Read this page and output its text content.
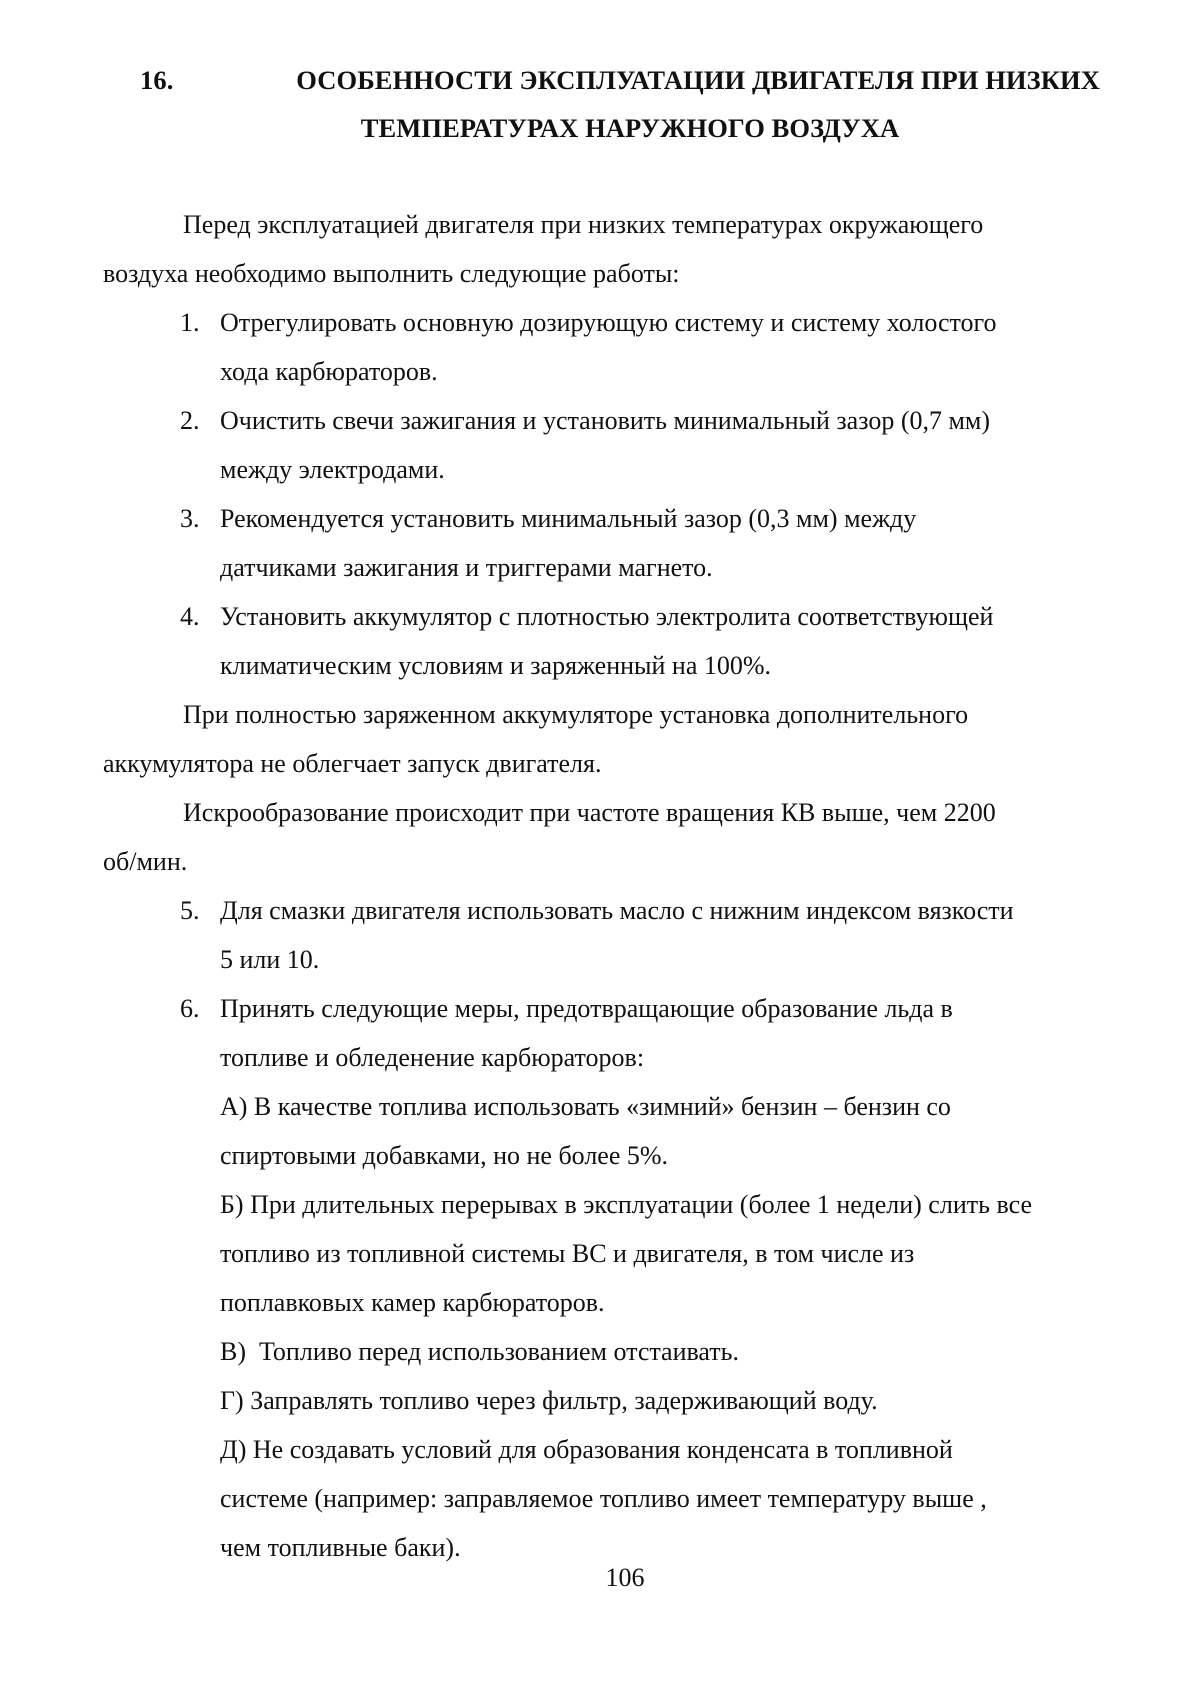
16.	ОСОБЕННОСТИ ЭКСПЛУАТАЦИИ ДВИГАТЕЛЯ ПРИ НИЗКИХ
ТЕМПЕРАТУРАХ НАРУЖНОГО ВОЗДУХА

Перед эксплуатацией двигателя при низких температурах окружающего
воздуха необходимо выполнить следующие работы:

1. Отрегулировать основную дозирующую систему и систему холостого
хода карбюраторов.
2. Очистить свечи зажигания и установить минимальный зазор (0,7 мм)
между электродами.
3. Рекомендуется установить минимальный зазор (0,3 мм) между
датчиками зажигания и триггерами магнето.
4. Установить аккумулятор с плотностью электролита соответствующей
климатическим условиям и заряженный на 100%.

При полностью заряженном аккумуляторе установка дополнительного
аккумулятора не облегчает запуск двигателя.

Искрообразование происходит при частоте вращения КВ выше, чем 2200
об/мин.

5. Для смазки двигателя использовать масло с нижним индексом вязкости
5 или 10.
6. Принять следующие меры, предотвращающие образование льда в
топливе и обледенение карбюраторов:
А) В качестве топлива использовать «зимний» бензин – бензин со
спиртовыми добавками, но не более 5%.
Б) При длительных перерывах в эксплуатации (более 1 недели) слить все
топливо из топливной системы ВС и двигателя, в том числе из
поплавковых камер карбюраторов.
В)  Топливо перед использованием отстаивать.
Г) Заправлять топливо через фильтр, задерживающий воду.
Д) Не создавать условий для образования конденсата в топливной
системе (например: заправляемое топливо имеет температуру выше ,
чем топливные баки).
106
